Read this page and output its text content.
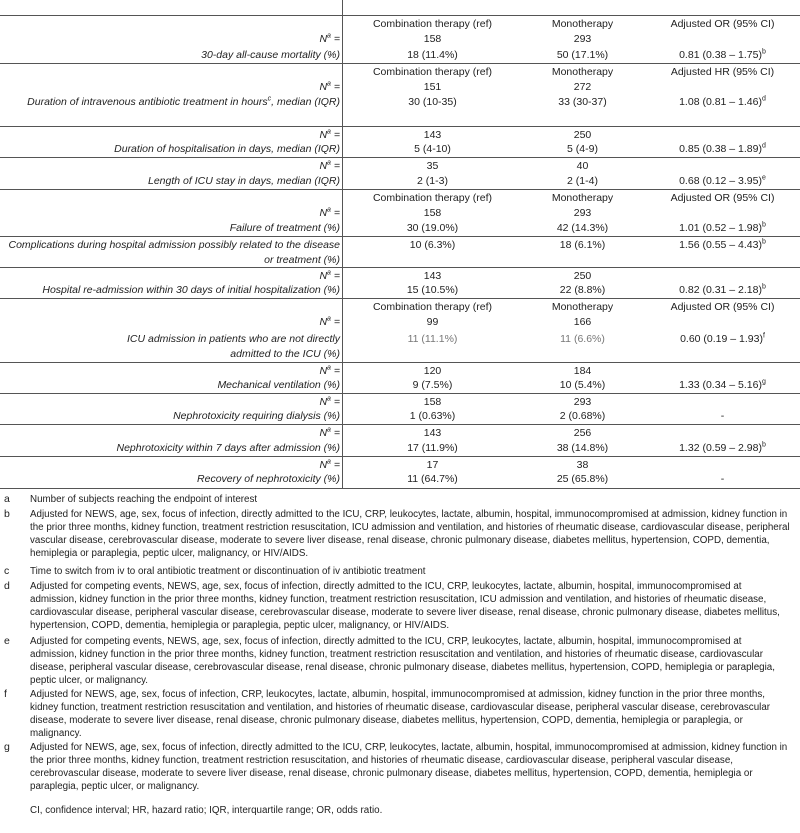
Combination therapy (ref)	Monotherapy	Adjusted OR (95% CI)
$N^a$ =	158	293
30-day all-cause mortality (%)	18 (11.4%)	50 (17.1%)	0.81 (0.38 – 1.75)$^b$
Combination therapy (ref)	Monotherapy	Adjusted HR (95% CI)
$N^a$ =	151	272
Duration of intravenous antibiotic treatment in hours$^c$, median (IQR)	30 (10-35)	33 (30-37)	1.08 (0.81 – 1.46)$^d$
$N^a$ =	143	250
Duration of hospitalisation in days, median (IQR)	5 (4-10)	5 (4-9)	0.85 (0.38 – 1.89)$^d$
$N^a$ =	35	40
Length of ICU stay in days, median (IQR)	2 (1-3)	2 (1-4)	0.68 (0.12 – 3.95)$^e$
Combination therapy (ref)	Monotherapy	Adjusted OR (95% CI)
$N^a$ =	158	293
Failure of treatment (%)	30 (19.0%)	42 (14.3%)	1.01 (0.52 – 1.98)$^b$
Complications during hospital admission possibly related to the disease or treatment (%)
10 (6.3%)	18 (6.1%)	1.56 (0.55 – 4.43)$^b$
$N^a$ =	143	250
Hospital re-admission within 30 days of initial hospitalization (%)	15 (10.5%)	22 (8.8%)	0.82 (0.31 – 2.18)$^b$
Combination therapy (ref)	Monotherapy	Adjusted OR (95% CI)
$N^a$ =	99	166
ICU admission in patients who are not directly admitted to the ICU (%)
11 (11.1%)	11 (6.6%)	0.60 (0.19 – 1.93)$^f$
$N^a$ =	120	184
Mechanical ventilation (%)	9 (7.5%)	10 (5.4%)	1.33 (0.34 – 5.16)$^g$
$N^a$ =	158	293
Nephrotoxicity requiring dialysis (%)	1 (0.63%)	2 (0.68%)	-
$N^a$ =	143	256
Nephrotoxicity within 7 days after admission (%)	17 (11.9%)	38 (14.8%)	1.32 (0.59 – 2.98)$^b$
$N^a$ =	17	38
Recovery of nephrotoxicity (%)	11 (64.7%)	25 (65.8%)	-
a Number of subjects reaching the endpoint of interest
b Adjusted for NEWS, age, sex, focus of infection, directly admitted to the ICU, CRP, leukocytes, lactate, albumin, hospital, immunocompromised at admission, kidney function in the prior three months, kidney function, treatment restriction resuscitation, ICU admission and ventilation, and histories of rheumatic disease, cardiovascular disease, peripheral vascular disease, cerebrovascular disease, moderate to severe liver disease, renal disease, chronic pulmonary disease, diabetes mellitus, hypertension, COPD, dementia, hemiplegia or paraplegia, peptic ulcer, malignancy, or HIV/AIDS.
c Time to switch from iv to oral antibiotic treatment or discontinuation of iv antibiotic treatment
d Adjusted for competing events, NEWS, age, sex, focus of infection, directly admitted to the ICU, CRP, leukocytes, lactate, albumin, hospital, immunocompromised at admission, kidney function in the prior three months, kidney function, treatment restriction resuscitation, ICU admission and ventilation, and histories of rheumatic disease, cardiovascular disease, peripheral vascular disease, cerebrovascular disease, moderate to severe liver disease, renal disease, chronic pulmonary disease, diabetes mellitus, hypertension, COPD, dementia, hemiplegia or paraplegia, peptic ulcer, malignancy, or HIV/AIDS.
e Adjusted for competing events, NEWS, age, sex, focus of infection, directly admitted to the ICU, CRP, leukocytes, lactate, albumin, hospital, immunocompromised at admission, kidney function in the prior three months, kidney function, treatment restriction resuscitation and ventilation, and histories of rheumatic disease, cardiovascular disease, peripheral vascular disease, cerebrovascular disease, renal disease, chronic pulmonary disease, diabetes mellitus, hypertension, COPD, hemiplegia or paraplegia, peptic ulcer, or malignancy.
f Adjusted for NEWS, age, sex, focus of infection, CRP, leukocytes, lactate, albumin, hospital, immunocompromised at admission, kidney function in the prior three months, kidney function, treatment restriction resuscitation and ventilation, and histories of rheumatic disease, cardiovascular disease, peripheral vascular disease, cerebrovascular disease, moderate to severe liver disease, renal disease, chronic pulmonary disease, diabetes mellitus, hypertension, COPD, dementia, hemiplegia or paraplegia, or malignancy.
g Adjusted for NEWS, age, sex, focus of infection, directly admitted to the ICU, CRP, leukocytes, lactate, albumin, hospital, immunocompromised at admission, kidney function in the prior three months, kidney function, treatment restriction resuscitation, and histories of rheumatic disease, cardiovascular disease, peripheral vascular disease, cerebrovascular disease, moderate to severe liver disease, renal disease, chronic pulmonary disease, diabetes mellitus, hypertension, COPD, dementia, hemiplegia or paraplegia, peptic ulcer, or malignancy.
CI, confidence interval; HR, hazard ratio; IQR, interquartile range; OR, odds ratio.
